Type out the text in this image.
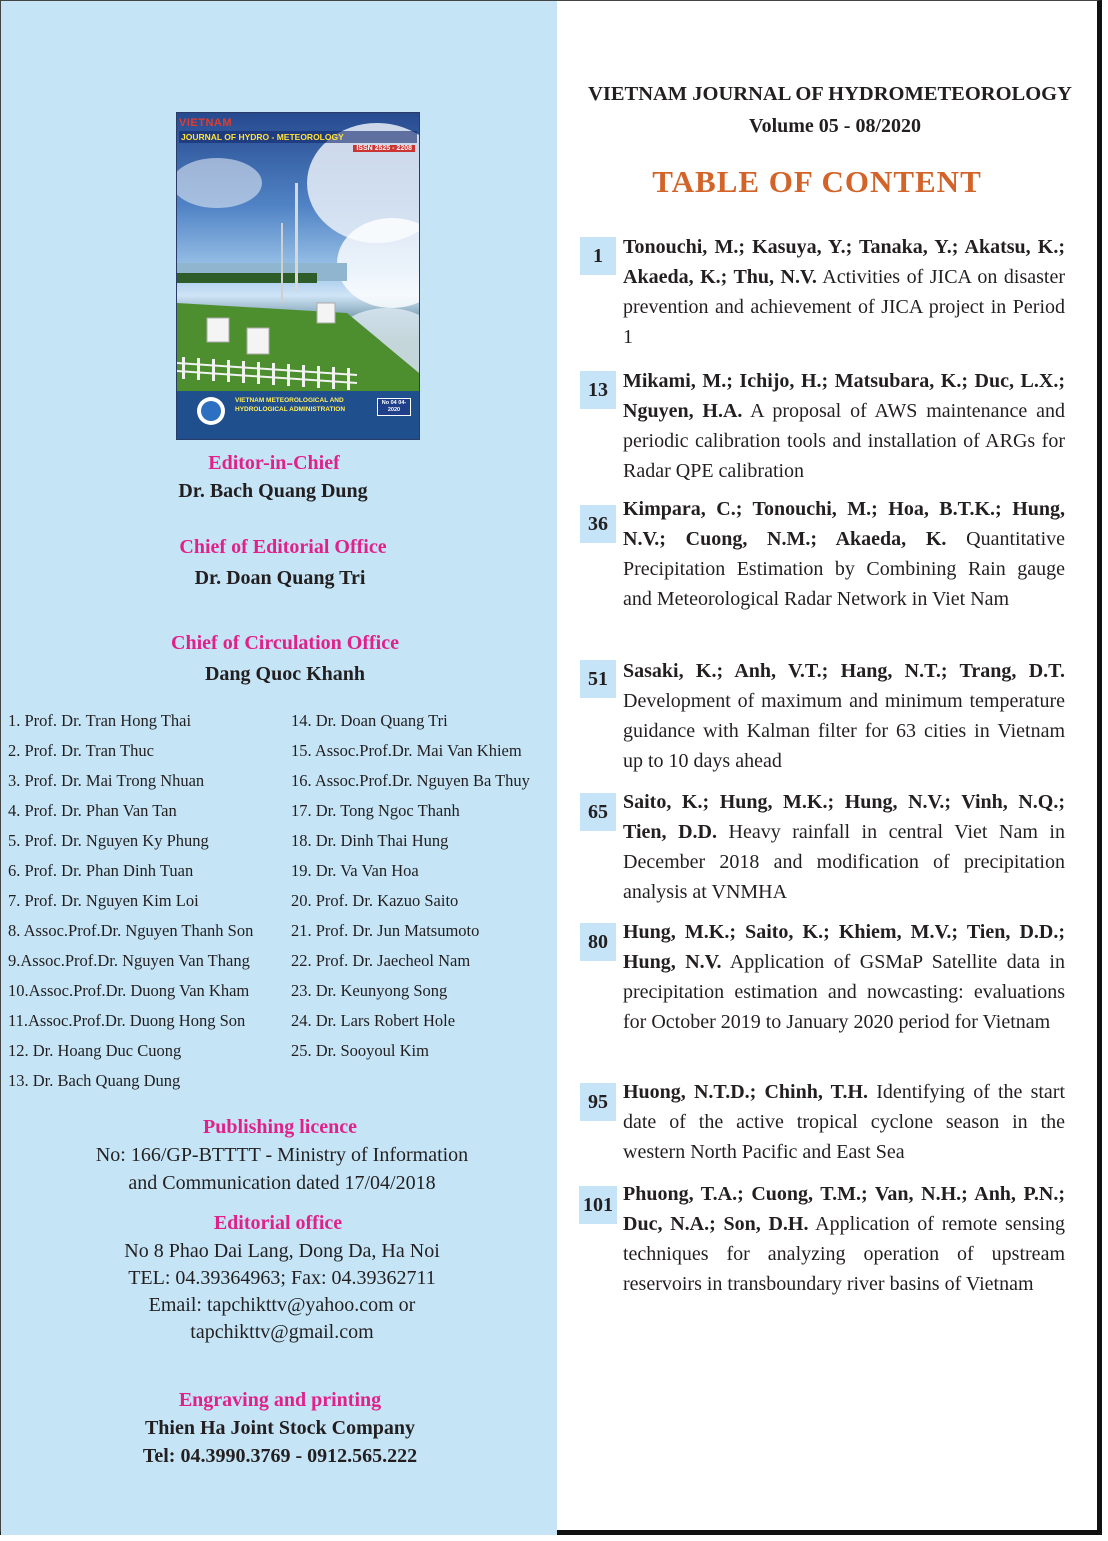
VIETNAM
JOURNAL OF HYDRO - METEOROLOGY
ISSN 2525 - 2208
VIETNAM METEOROLOGICAL AND HYDROLOGICAL ADMINISTRATION
No 04 04-2020
Editor-in-Chief
Dr. Bach Quang Dung
Chief of Editorial Office
Dr. Doan Quang Tri
Chief of Circulation Office
Dang Quoc Khanh
1. Prof. Dr. Tran Hong Thai
2. Prof. Dr. Tran Thuc
3. Prof. Dr. Mai Trong Nhuan
4. Prof. Dr. Phan Van Tan
5. Prof. Dr. Nguyen Ky Phung
6. Prof. Dr. Phan Dinh Tuan
7. Prof. Dr. Nguyen Kim Loi
8. Assoc.Prof.Dr. Nguyen Thanh Son
9.Assoc.Prof.Dr. Nguyen Van Thang
10.Assoc.Prof.Dr. Duong Van Kham
11.Assoc.Prof.Dr. Duong Hong Son
12. Dr. Hoang Duc Cuong
13. Dr. Bach Quang Dung
14. Dr. Doan Quang Tri
15. Assoc.Prof.Dr. Mai Van Khiem
16. Assoc.Prof.Dr. Nguyen Ba Thuy
17. Dr. Tong Ngoc Thanh
18. Dr. Dinh Thai Hung
19. Dr. Va Van Hoa
20. Prof. Dr. Kazuo Saito
21. Prof. Dr. Jun Matsumoto
22. Prof. Dr. Jaecheol Nam
23. Dr. Keunyong Song
24. Dr. Lars Robert Hole
25. Dr. Sooyoul Kim
Publishing licence
No: 166/GP-BTTTT - Ministry of Information
and Communication dated 17/04/2018
Editorial office
No 8 Phao Dai Lang, Dong Da, Ha Noi
TEL: 04.39364963; Fax: 04.39362711
Email: tapchikttv@yahoo.com or
tapchikttv@gmail.com
Engraving and printing
Thien Ha Joint Stock Company
Tel: 04.3990.3769 - 0912.565.222
VIETNAM JOURNAL OF HYDROMETEOROLOGY
Volume 05 - 08/2020
TABLE OF CONTENT
1	Tonouchi, M.; Kasuya, Y.; Tanaka, Y.; Akatsu, K.; Akaeda, K.; Thu, N.V. Activities of JICA on disaster prevention and achievement of JICA project in Period 1
13 Mikami, M.; Ichijo, H.; Matsubara, K.; Duc, L.X.; Nguyen, H.A. A proposal of AWS maintenance and periodic calibration tools and installation of ARGs for Radar QPE calibration
36
Kimpara, C.; Tonouchi, M.; Hoa, B.T.K.; Hung, N.V.; Cuong, N.M.; Akaeda, K. Quantitative Precipitation Estimation by Combining Rain gauge and Meteorological Radar Network in Viet Nam
51 Sasaki, K.; Anh, V.T.; Hang, N.T.; Trang, D.T. Development of maximum and minimum temperature guidance with Kalman filter for 63 cities in Vietnam up to 10 days ahead
65 Saito, K.; Hung, M.K.; Hung, N.V.; Vinh, N.Q.; Tien, D.D. Heavy rainfall in central Viet Nam in December 2018 and modification of precipitation analysis at VNMHA
80 Hung, M.K.; Saito, K.; Khiem, M.V.; Tien, D.D.; Hung, N.V. Application of GSMaP Satellite data in precipitation estimation and nowcasting: evaluations for October 2019 to January 2020 period for Vietnam
95 Huong, N.T.D.; Chinh, T.H. Identifying of the start date of the active tropical cyclone season in the western North Pacific and East Sea
101 Phuong, T.A.; Cuong, T.M.; Van, N.H.; Anh, P.N.; Duc, N.A.; Son, D.H. Application of remote sensing techniques for analyzing operation of upstream reservoirs in transboundary river basins of Vietnam
